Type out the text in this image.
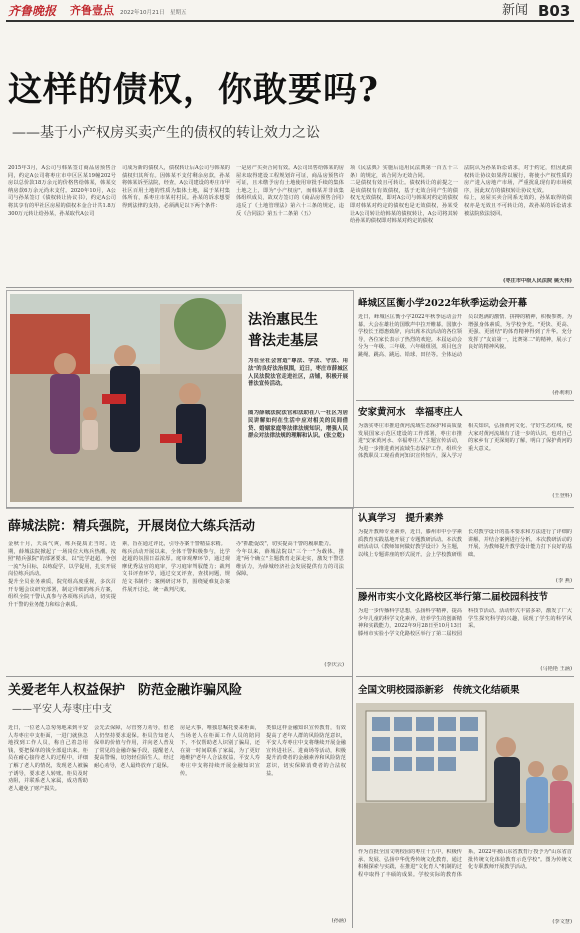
齐鲁晚报 齐鲁壹点 2022年10月21日 星期五	新闻 B03
这样的债权，你敢要吗?
——基于小产权房买卖产生的债权的转让效力之讼
2015年3月，A公司与韩某签订商品房预售合同，约定A公司将枣庄市中区区某19幢202号房以总价款18万余元的价格售给韩某，韩某交纳房款6万余元尚未支付。2020年10月，A公司与孙某签订《债权转让协议书》，约定A公司将其享有的甲社区房屋的债权本金合计共1.8万300万元转让给孙某，孙某取代A公司
司成为新的债权人，债权转让后A公司与韩某的债权归其所有。因韩某不支付剩余房款，孙某将韩某诉至法院，经查，A公司建设的枣庄市甲社区百用土地的性质为集体土地，属于某村集体所有，系枣庄市某村村民。孙某的诉求想要得到法律的支持，必须满足以下两个条件：
一是房产买卖合同有效。A公司出售给韩某的房屋未取得建设工程规划许可证，商品房预售许可证，且未缴予房有土地使用审批手续的集体土地之上，即为"小产权房"，而韩某并非该集体组织成员，故双方签订的《商品房预售合同》违反了《土地管理法》第六十三条的规定，违反《合同法》第五十二条第（五）
项《民法典》实施后适用民法典第一百五十三条）的规定，该合同为无效合同。
二是债权有效且可转让。债权转让的前提之一是该债权有有效债权，基于无效合同产生的债权无无效债权，即对A公司与韩某对约定的债权即对韩某对约定的债权也是无效债权，孙某受让A公司转让给韩某的债权转让，A公司将其转给孙某的债权即对韩某对约定的债权
法院认为孙某诉讼请求，对于约定，但因此债权转让协议如果得以履行，将使小产权性质的房产进入房地产市场，严重扰乱现有的市场秩序，因此双方的债权转让协议无效。
综上，房屋买卖合同系无效的，孙某取得的债权亦是无效且不可转让的，故孙某的诉讼请求被法院依法驳回。
(枣庄市中级人民法院 姚天伟)
法治惠民生
普法走基层
为在全社会营造"尊法、学法、守法、用法"的良好法治氛围，近日，枣庄市薛城区人民法院法官走进社区，店铺，积极开展普法宣传活动。
图为薛城法院法官和法助在八一社区为居民讲解如何在生活中应对相关的民间借贷、婚姻家庭等法律法规知识，增强人民群众对法律法规的理解和认识。(张立乾)
峄城区匡衡小学2022年秋季运动会开幕
近日，峄城区匡衡小学2022年秋季运动会开幕。大会在雄壮的国歌声中拉开帷幕。国旗小学校长王德惠致辞，向出席本次活动的各位领导，各位家长表示了热烈的欢迎。本届运动会分为一年级、三年级、六年级组别，项目包含跳绳、跳高、跳远、铅球、田径等。全体运动员以饱满的激情、拼搏的精神，积极参赛。为增强身体素质，为学校争光。"更快、更高、更强、更团结"的体育精神得到了升华。充分发挥了"友谊第一，比赛第二"的精神，展示了良好的精神风貌。
(孙莉莉)
安家黄河水　幸福枣庄人
为落实枣庄市推进黄河流域生态保护和高质量发展国家示范区建设的工作部署，枣庄市推进"安家黄河水、幸福枣庄人"主题宣传活动，为进一步推进黄河流域生态保护工作，组织全体教职员工观看黄河知识宣传短片，深入学习相关知识，弘扬黄河文化、守好生态红线，使大家对黄河流域有了进一步的认识，也对自己的家乡有了更深刻的了解，明白了保护黄河的重大意义。
(王登科)
薛城法院：精兵强院，开展岗位大练兵活动
金秋十月，天高气爽，练兵提质正当时。近期，薛城法院掀起了一场岗位大练兵热潮。按照"精兵强院"的部署要求，以"比学赶超、争创一流"为目标，以练促学，以学促用，扎实开展岗位练兵活动。
提升全员业务素质，院党组高度重视，多次召开专题会议研究部署，制定详细的练兵方案，组织全院干警认真参与各项练兵活动，切实提升干警的业务能力和综合素质。
素，旨在通过评比，引导办案干警精益求精。
练兵活动开展以来，全体干警积极参与，比学赶超的氛围日益浓厚。庭审观摩环节，通过观摩优秀法官的庭审，学习庭审驾驭能力；裁判文书评查环节，通过交叉评查，查找问题，规范文书制作；案例研讨环节，围绕疑难复杂案件展开讨论，统一裁判尺度。
办"抓能促改"，切实提高干警的履职能力。
今年以来，薛城法院以"三个一"为载体，推进"两个确立"主题教育走深走实，激发干警思维活力，为薛城经济社会发展提供有力的司法保障。
(李庆云)
认真学习　提升素养
为提升教师专业素养，近日，滕州市中小学素质教育实践基地开展了专题教研活动。本次教研活动以《教师如何做好教学设计》为主题，以线上专题讲座的形式展开。会上学校教研组长对教学设计的基本要求和方法进行了详细的讲解，并结合案例进行分析。本次教研活动的开展，为教师提升教学设计能力打下良好的基础。
(李 燕)
滕州市实小文化路校区举行第二届校园科技节
为进一步传播科学思想，弘扬科学精神，提高少年儿童的科学文化素养，培养学生的创新精神和实践能力，2022年9月28日至10月13日滕州市实验小学文化路校区举行了第二届校园科技节活动。活动形式丰富多彩，激发了广大学生探究科学的兴趣，展现了学生的科学风采。
(马艳艳 王涵)
关爱老年人权益保护　防范金融诈骗风险
——平安人寿枣庄中支
近日，一位老人急匆匆地来到平安人寿枣庄中支柜面，一进门就焦急地找到工作人员，称自己着急用钱，要把保单的钱全部退出来。柜员在耐心接待老人的过程中，详细了解了老人的情况，发现老人被骗子诱导，要求老人转账。柜员及时劝阻，并联系老人家属，成功帮助老人避免了财产损失。
会先去保障，尽管努力劝导，但老人仍坚持要求退保。柜员告知老人保单的价值与作用，并向老人普及了常见的金融诈骗手段，提醒老人提高警惕，切勿轻信陌生人，经过耐心劝导，老人最终放弃了退保。
房是大事，唯独思嘱托要来柜面，当场老人在柜面工作人员的陪同下，不仅帮助老人识别了骗局，还在第一时间联系了家属，为了更好地维护老年人合法权益，平安人寿枣庄中支将持续开展金融知识宣传。
类似这样金融知识宣传教育，有效提高了老年人群的风险防范意识，平安人寿枣庄中支将继续开展金融宣传进社区、进商场等活动，积极提升消费者的金融素养和风险防范意识，切实保障消费者的合法权益。
(孙涵)
全国文明校园添新彩　传统文化结硕果
作为首批全国文明校园的枣庄十五中，积极传承、发展、弘扬中华优秀传统文化教育，通过积极探索与实践，在推进"文化育人"机制的过程中取得了丰硕的成果。学校实际的教育体系，2022年被山东省教育厅授予为"山东省首批传统文化体验教育示范学校"。图为传统文化专职教师开展教学活动。
(李文慧)
